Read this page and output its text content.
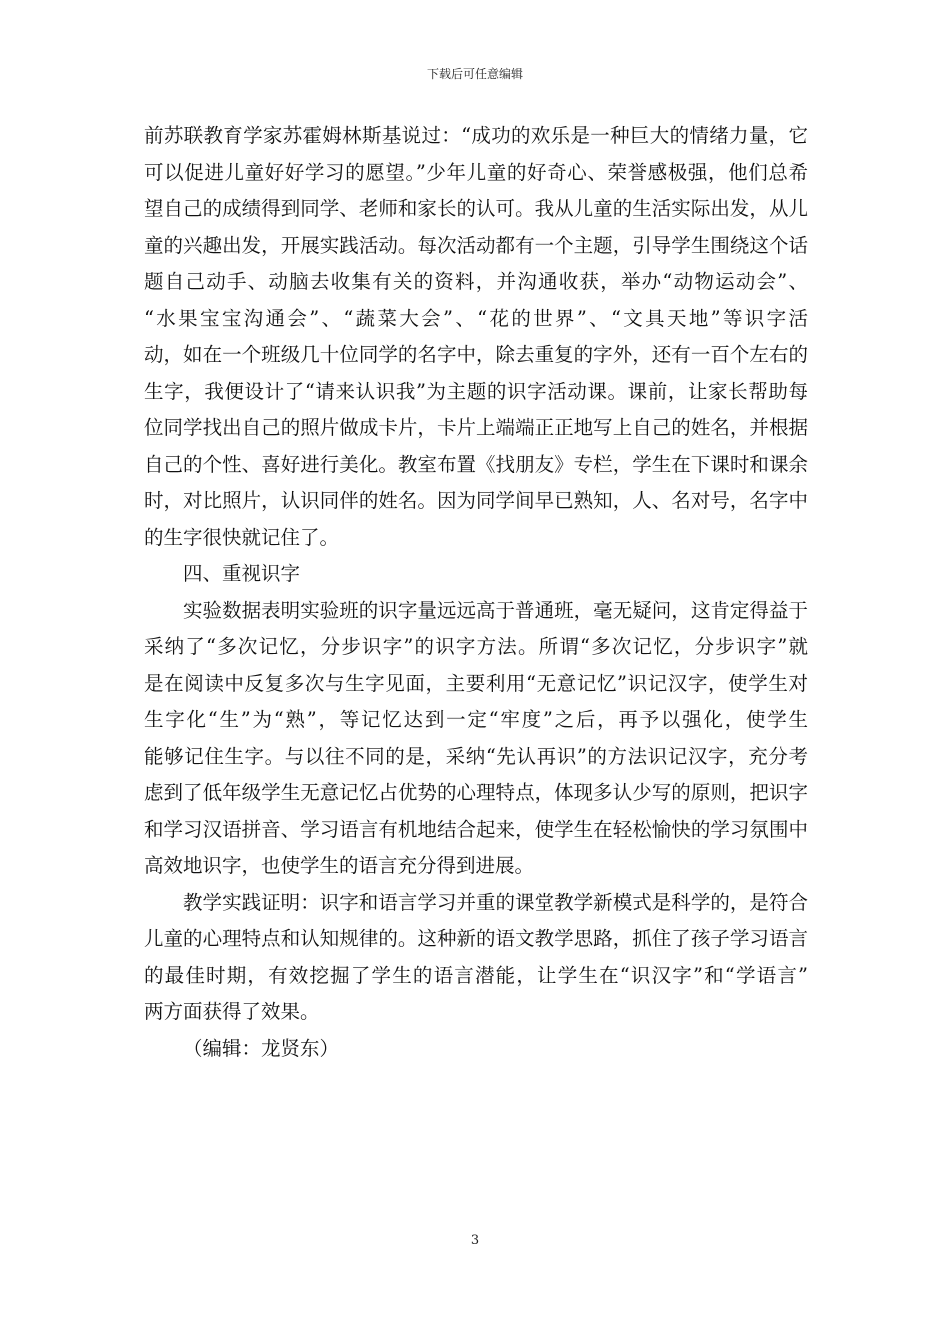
下载后可任意编辑
前苏联教育学家苏霍姆林斯基说过：“成功的欢乐是一种巨大的情绪力量，它
可以促进儿童好好学习的愿望。”少年儿童的好奇心、荣誉感极强，他们总希
望自己的成绩得到同学、老师和家长的认可。我从儿童的生活实际出发，从儿
童的兴趣出发，开展实践活动。每次活动都有一个主题，引导学生围绕这个话
题自己动手、动脑去收集有关的资料，并沟通收获，举办“动物运动会”、
“水果宝宝沟通会”、“蔬菜大会”、“花的世界”、“文具天地”等识字活
动，如在一个班级几十位同学的名字中，除去重复的字外，还有一百个左右的
生字，我便设计了“请来认识我”为主题的识字活动课。课前，让家长帮助每
位同学找出自己的照片做成卡片，卡片上端端正正地写上自己的姓名，并根据
自己的个性、喜好进行美化。教室布置《找朋友》专栏，学生在下课时和课余
时，对比照片，认识同伴的姓名。因为同学间早已熟知，人、名对号，名字中
的生字很快就记住了。
四、重视识字
实验数据表明实验班的识字量远远高于普通班，毫无疑问，这肯定得益于
采纳了“多次记忆，分步识字”的识字方法。所谓“多次记忆，分步识字”就
是在阅读中反复多次与生字见面，主要利用“无意记忆”识记汉字，使学生对
生字化“生”为“熟”，等记忆达到一定“牢度”之后，再予以强化，使学生
能够记住生字。与以往不同的是，采纳“先认再识”的方法识记汉字，充分考
虑到了低年级学生无意记忆占优势的心理特点，体现多认少写的原则，把识字
和学习汉语拼音、学习语言有机地结合起来，使学生在轻松愉快的学习氛围中
高效地识字，也使学生的语言充分得到进展。
教学实践证明：识字和语言学习并重的课堂教学新模式是科学的，是符合
儿童的心理特点和认知规律的。这种新的语文教学思路，抓住了孩子学习语言
的最佳时期，有效挖掘了学生的语言潜能，让学生在“识汉字”和“学语言”
两方面获得了效果。
（编辑：龙贤东）
3
